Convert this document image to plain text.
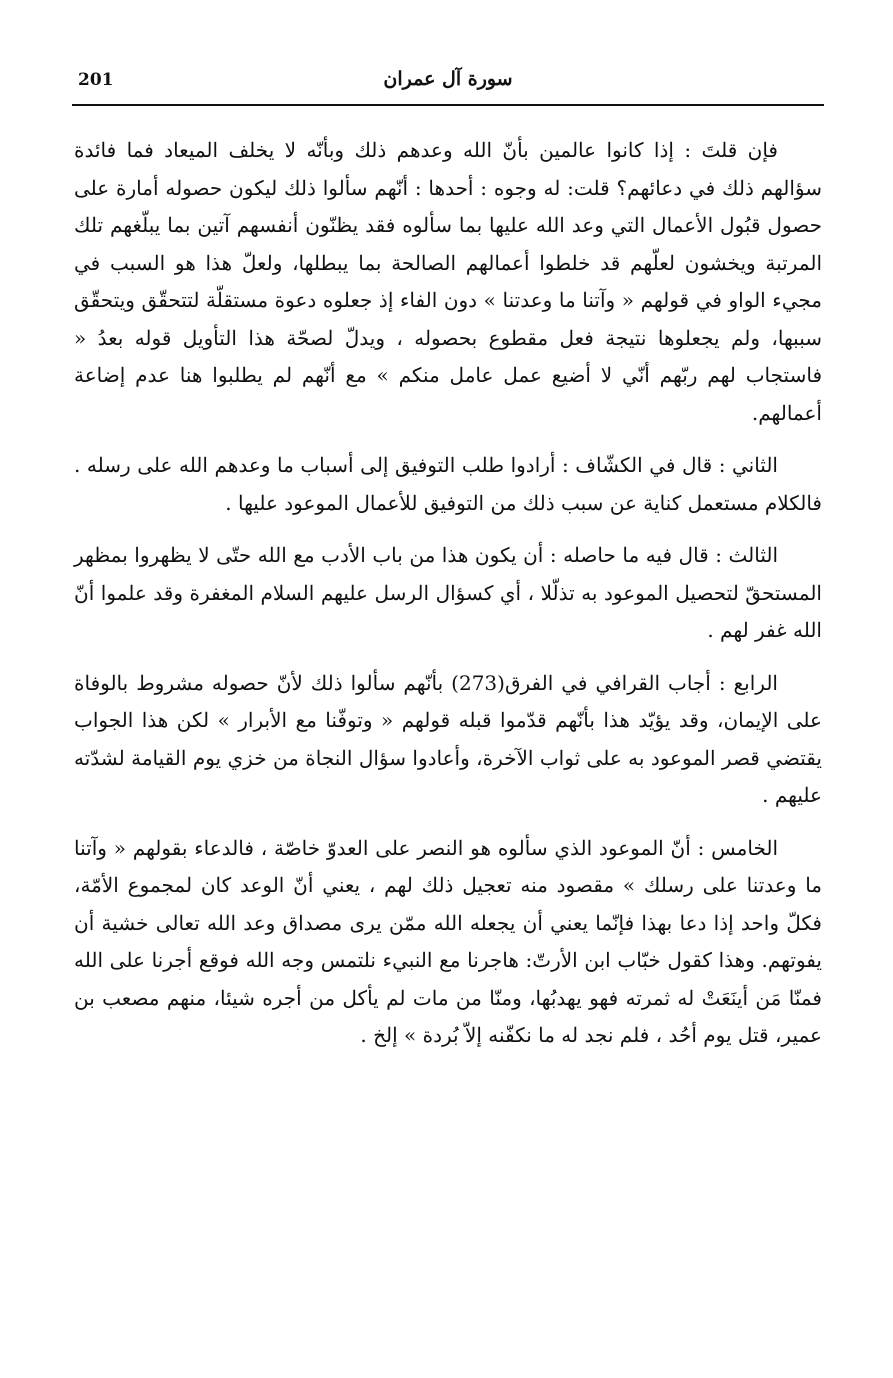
201	سورة آل عمران

فإن قلتَ : إذا كانوا عالمين بأنّ الله وعدهم ذلك وبأنّه لا يخلف الميعاد فما فائدة سؤالهم ذلك في دعائهم؟ قلت: له وجوه : أحدها : أنّهم سألوا ذلك ليكون حصوله أمارة على حصول قبُول الأعمال التي وعد الله عليها بما سألوه فقد يظنّون أنفسهم آتين بما يبلّغهم تلك المرتبة ويخشون لعلّهم قد خلطوا أعمالهم الصالحة بما يبطلها، ولعلّ هذا هو السبب في مجيء الواو في قولهم « وآتنا ما وعدتنا » دون الفاء إذ جعلوه دعوة مستقلّة لتتحقّق ويتحقّق سببها، ولم يجعلوها نتيجة فعل مقطوع بحصوله ، ويدلّ لصحّة هذا التأويل قوله بعدُ « فاستجاب لهم ربّهم أنّي لا أضيع عمل عامل منكم » مع أنّهم لم يطلبوا هنا عدم إضاعة أعمالهم.

الثاني : قال في الكشّاف : أرادوا طلب التوفيق إلى أسباب ما وعدهم الله على رسله . فالكلام مستعمل كناية عن سبب ذلك من التوفيق للأعمال الموعود عليها .

الثالث : قال فيه ما حاصله : أن يكون هذا من باب الأدب مع الله حتّى لا يظهروا بمظهر المستحقّ لتحصيل الموعود به تذلّلا ، أي كسؤال الرسل عليهم السلام المغفرة وقد علموا أنّ الله غفر لهم .

الرابع : أجاب القرافي في الفرق(273) بأنّهم سألوا ذلك لأنّ حصوله مشروط بالوفاة على الإيمان، وقد يؤيّد هذا بأنّهم قدّموا قبله قولهم « وتوفّنا مع الأبرار » لكن هذا الجواب يقتضي قصر الموعود به على ثواب الآخرة، وأعادوا سؤال النجاة من خزي يوم القيامة لشدّته عليهم .

الخامس : أنّ الموعود الذي سألوه هو النصر على العدوّ خاصّة ، فالدعاء بقولهم « وآتنا ما وعدتنا على رسلك » مقصود منه تعجيل ذلك لهم ، يعني أنّ الوعد كان لمجموع الأمّة، فكلّ واحد إذا دعا بهذا فإنّما يعني أن يجعله الله ممّن يرى مصداق وعد الله تعالى خشية أن يفوتهم. وهذا كقول خبّاب ابن الأرتّ: هاجرنا مع النبيء نلتمس وجه الله فوقع أجرنا على الله فمنّا مَن أينَعَتْ له ثمرته فهو يهدبُها، ومنّا من مات لم يأكل من أجره شيئا، منهم مصعب بن عمير، قتل يوم أحُد ، فلم نجد له ما نكفّنه إلاّ بُردة » إلخ .
